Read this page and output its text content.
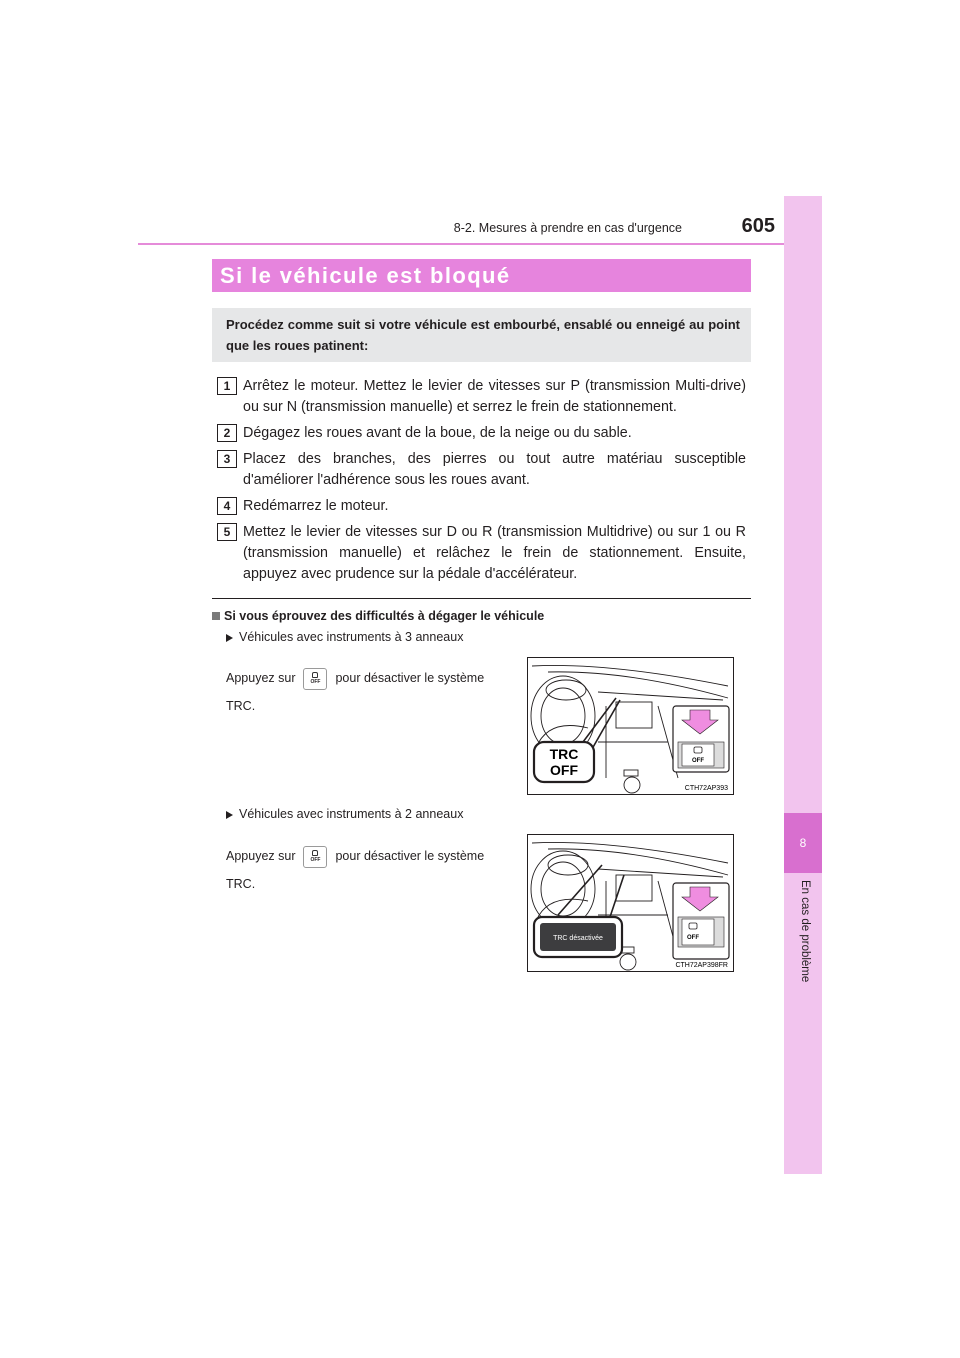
8-2. Mesures à prendre en cas d'urgence	605
8
En cas de problème
Si le véhicule est bloqué
Procédez comme suit si votre véhicule est embourbé, ensablé ou enneigé au point que les roues patinent:
1 Arrêtez le moteur. Mettez le levier de vitesses sur P (transmission Multi-drive) ou sur N (transmission manuelle) et serrez le frein de stationnement.
2 Dégagez les roues avant de la boue, de la neige ou du sable.
3 Placez des branches, des pierres ou tout autre matériau susceptible d'améliorer l'adhérence sous les roues avant.
4 Redémarrez le moteur.
5 Mettez le levier de vitesses sur D ou R (transmission Multidrive) ou sur 1 ou R (transmission manuelle) et relâchez le frein de stationnement. Ensuite, appuyez avec prudence sur la pédale d'accélérateur.
Si vous éprouvez des difficultés à dégager le véhicule
Véhicules avec instruments à 3 anneaux
Appuyez sur	OFF	pour désactiver le système TRC.
OFF
TRC
OFF
CTH72AP393
Véhicules avec instruments à 2 anneaux
Appuyez sur	OFF	pour désactiver le système TRC.
OFF
TRC désactivée
CTH72AP398FR
